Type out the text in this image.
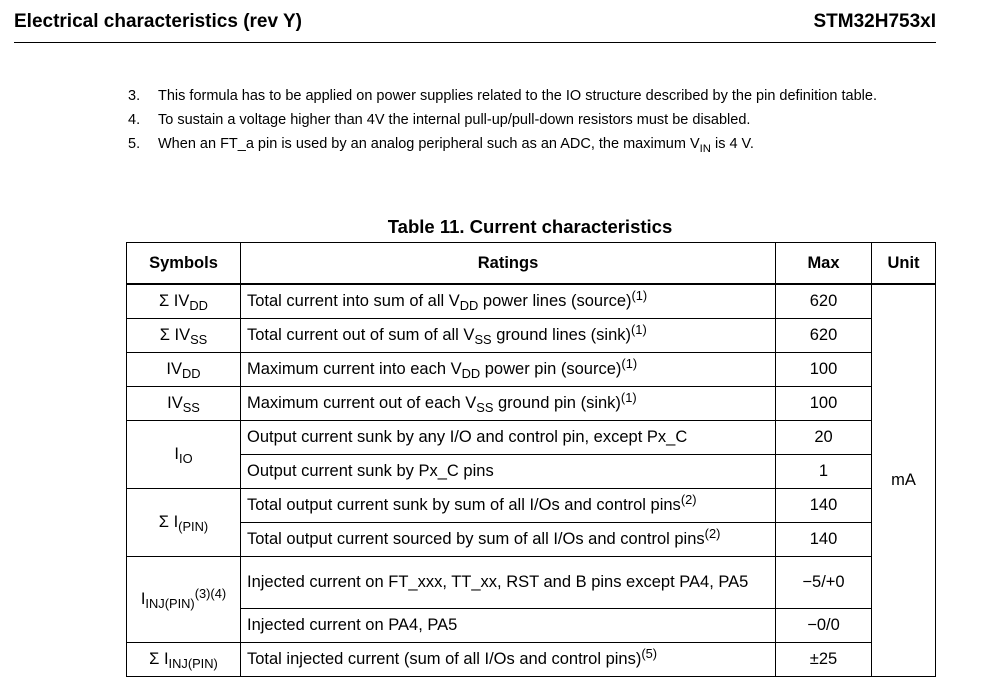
Electrical characteristics (rev Y)	STM32H753xI
3.	This formula has to be applied on power supplies related to the IO structure described by the pin definition table.
4.	To sustain a voltage higher than 4V the internal pull-up/pull-down resistors must be disabled.
5.	When an FT_a pin is used by an analog peripheral such as an ADC, the maximum $V_{IN}$ is 4 V.
Table 11. Current characteristics
Symbols	Ratings	Max	Unit
Σ $IV_{DD}$	Total current into sum of all $V_{DD}$ power lines (source)$^{(1)}$	620	mA
Σ $IV_{SS}$	Total current out of sum of all $V_{SS}$ ground lines $(\sin k)^{(1)}$	620	
$IV_{DD}$	Maximum current into each $V_{DD}$ power pin (source)$^{(1)}$	100	
$IV_{SS}$	Maximum current out of each $V_{SS}$ ground pin $(\sin k)^{(1)}$	100	
$I_{IO}$	Output current sunk by any I/O and control pin, except Px_C	20	
	Output current sunk by Px_C pins	1	
Σ $I_{(PIN)}$	Total output current sunk by sum of all I/Os and control pins$^{(2)}$	140	
	Total output current sourced by sum of all I/Os and control pins$^{(2)}$	140	
$I_{INJ(PIN)}^{(3)(4)}$	Injected current on FT_xxx, TT_xx, RST and B pins except PA4, PA5	−5/+0	
	Injected current on PA4, PA5	−0/0	
Σ $I_{INJ(PIN)}$	Total injected current (sum of all I/Os and control pins)$^{(5)}$	±25	
